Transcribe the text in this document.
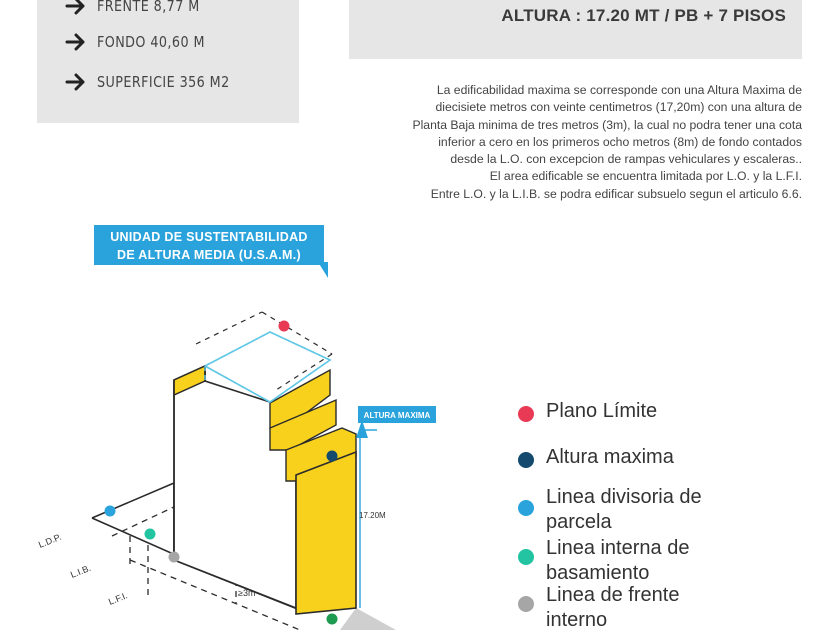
FRENTE 8,77 M
FONDO 40,60 M
SUPERFICIE 356 M2
ALTURA : 17.20 MT / PB + 7 PISOS
La edificabilidad maxima se corresponde con una Altura Maxima de
diecisiete metros con veinte centimetros (17,20m) con una altura de
Planta Baja minima de tres metros (3m), la cual no podra tener una cota
inferior a cero en los primeros ocho metros (8m) de fondo contados
desde la L.O. con excepcion de rampas vehiculares y escaleras..
El area edificable se encuentra limitada por L.O. y la L.F.I.
Entre L.O. y la L.I.B. se podra edificar subsuelo segun el articulo 6.6.
UNIDAD DE SUSTENTABILIDAD
DE ALTURA MEDIA (U.S.A.M.)
ALTURA MAXIMA
17.20M
≥3m
L.D.P.
L.I.B.
L.F.I.
Plano Límite
Altura maxima
Linea divisoria de
parcela
Linea interna de
basamiento
Linea de frente
interno
